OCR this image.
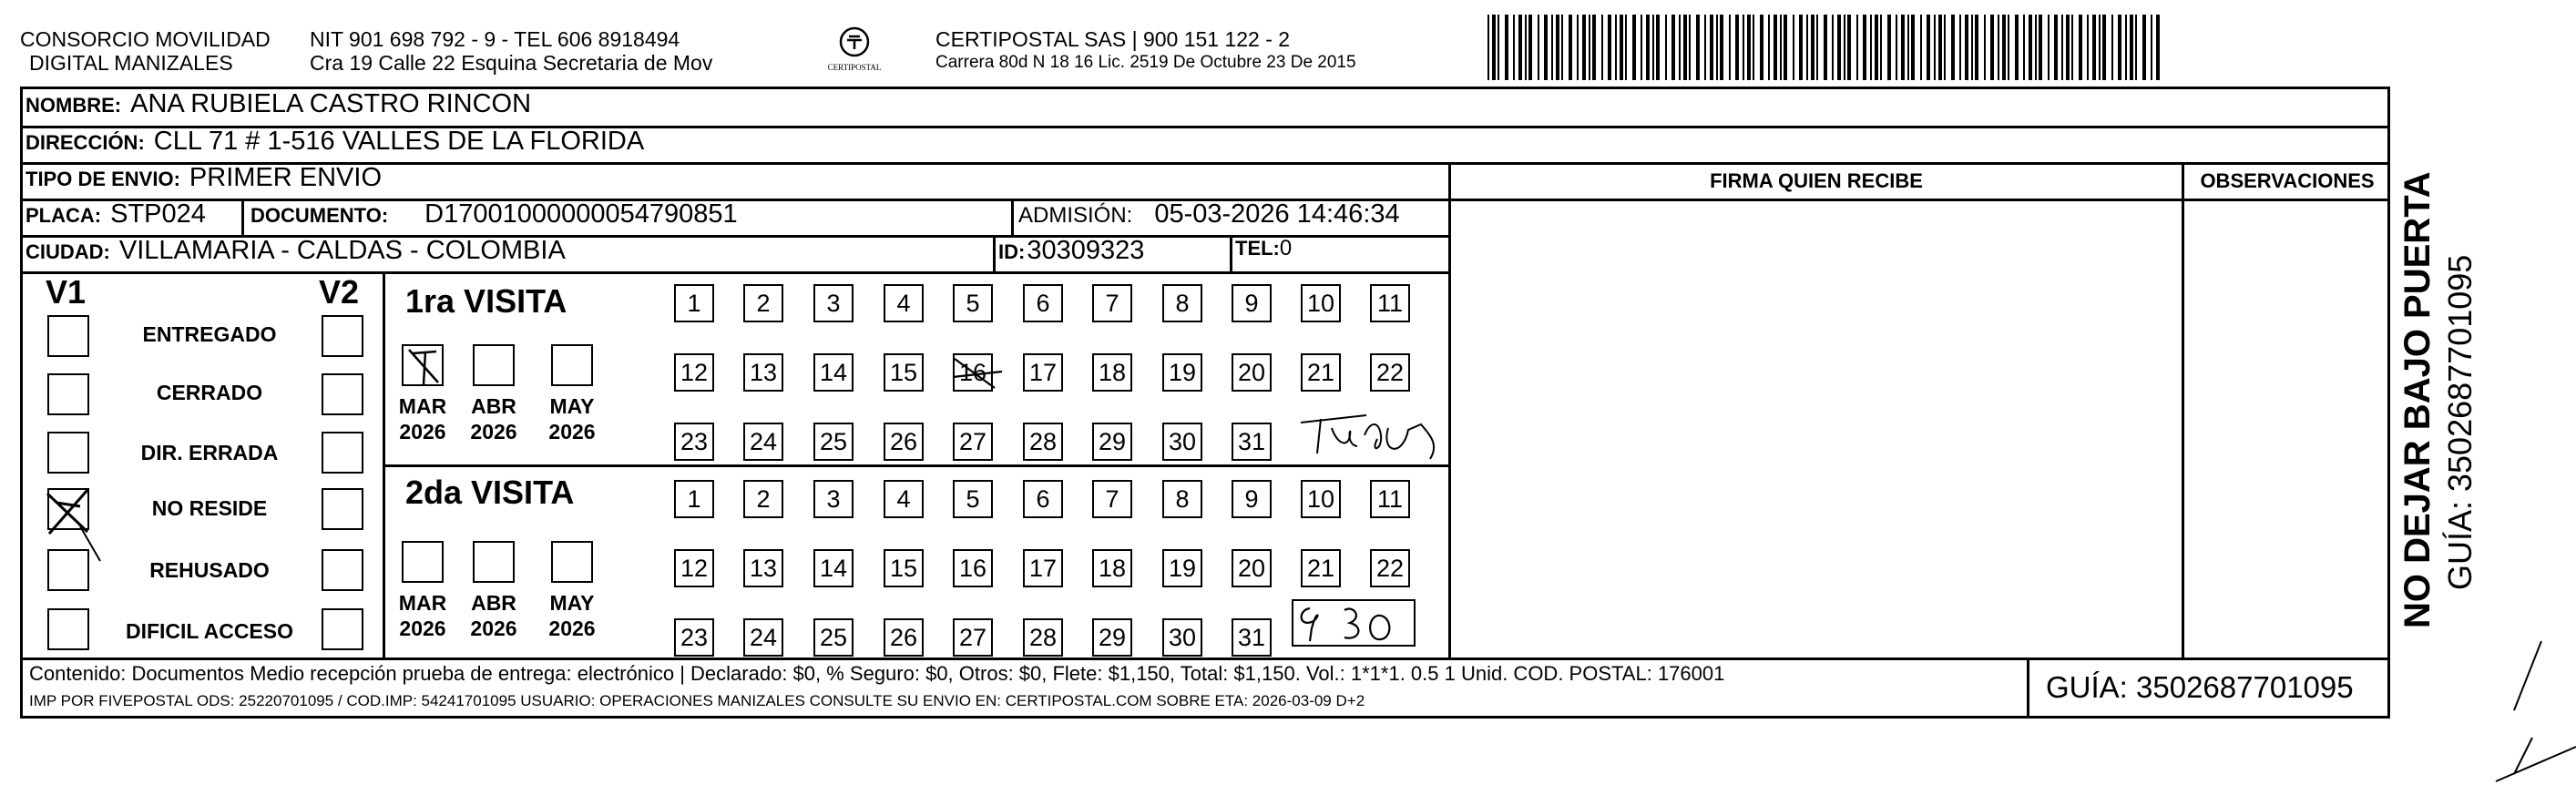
CONSORCIO MOVILIDAD
DIGITAL MANIZALES
NIT 901 698 792 - 9 - TEL 606 8918494
Cra 19 Calle 22 Esquina Secretaria de Mov	CERTIPOSTAL
CERTIPOSTAL SAS | 900 151 122 - 2
Carrera 80d N 18 16 Lic. 2519 De Octubre 23 De 2015
NOMBRE: ANA RUBIELA CASTRO RINCON
DIRECCIÓN: CLL 71 # 1-516 VALLES DE LA FLORIDA
TIPO DE ENVIO: PRIMER ENVIO
PLACA: STP024 DOCUMENTO: D17001000000054790851	ADMISIÓN: 05-03-2026 14:46:34
CIUDAD: VILLAMARIA - CALDAS - COLOMBIA	ID: 30309323	TEL: 0
FIRMA QUIEN RECIBE	OBSERVACIONES
V1	V2
ENTREGADO
CERRADO
DIR. ERRADA
NO RESIDE
REHUSADO
DIFICIL ACCESO
1ra VISITA
MAR
2026
ABR
2026
MAY
2026
1	2	3	4	5	6	7	8	9	10 11
12 13 14 15 16 17 18 19 20 21 22
23 24 25 26 27 28 29 30 31
2da VISITA
MAR
2026
ABR
2026
MAY
2026
1	2	3	4	5	6	7	8	9	10 11
12 13 14 15 16 17 18 19 20 21 22
23 24 25 26 27 28 29 30 31
Contenido: Documentos Medio recepción prueba de entrega: electrónico | Declarado: $0, % Seguro: $0, Otros: $0, Flete: $1,150, Total: $1,150. Vol.: 1*1*1. 0.5 1 Unid. COD. POSTAL: 176001
IMP POR FIVEPOSTAL ODS: 25220701095 / COD.IMP: 54241701095 USUARIO: OPERACIONES MANIZALES CONSULTE SU ENVIO EN: CERTIPOSTAL.COM SOBRE ETA: 2026-03-09 D+2	GUÍA: 3502687701095
NO DEJAR BAJO PUERTA GUÍA: 3502687701095
